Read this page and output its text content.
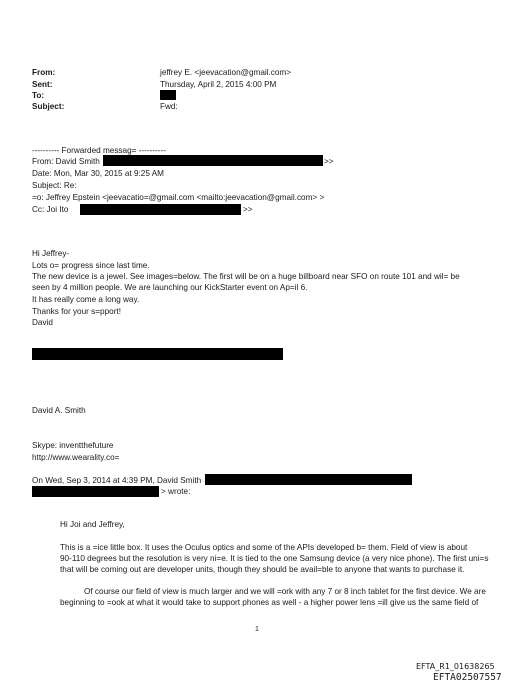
From:	jeffrey E. <jeevacation@gmail.com>
Sent:	Thursday, April 2, 2015 4:00 PM
To:
Subject:	Fwd:
---------- Forwarded messag= ----------
From: David Smith	>>
Date: Mon, Mar 30, 2015 at 9:25 AM
Subject: Re:
=o: Jeffrey Epstein <jeevacatio=@gmail.com <mailto:jeevacation@gmail.com> >
Cc: Joi Ito	>>
Hi Jeffrey-
Lots o= progress since last time.
The new device is a jewel. See images=below. The first will be on a huge billboard near SFO on route 101 and wil= be
seen by 4 million people. We are launching our KickStarter event on Ap=il 6.
It has really come a long way.
Thanks for your s=pport!
David
David A. Smith
Skype: inventthefuture
http://www.wearality.co=
On Wed, Sep 3, 2014 at 4:39 PM, David Smith
> wrote:
Hi Joi and Jeffrey,
This is a =ice little box. It uses the Oculus optics and some of the APIs developed b= them. Field of view is about
90-110 degrees but the resolution is very ni=e. It is tied to the one Samsung device (a very nice phone). The first uni=s
that will be coming out are developer units, though they should be avail=ble to anyone that wants to purchase it.
Of course our field of view is much larger and we will =ork with any 7 or 8 inch tablet for the first device. We are
beginning to =ook at what it would take to support phones as well - a higher power lens =ill give us the same field of
1
EFTA_R1_01638265
EFTA02507557
